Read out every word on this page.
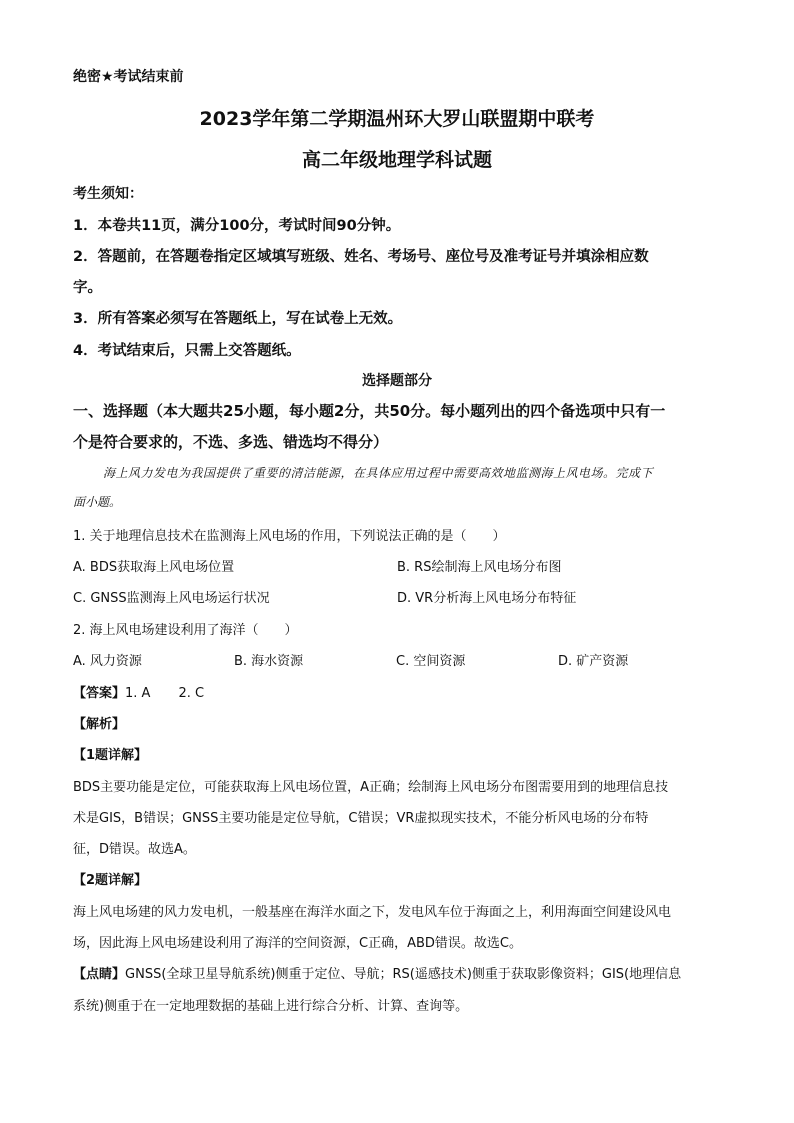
绝密★考试结束前
2023学年第二学期温州环大罗山联盟期中联考
高二年级地理学科试题
考生须知：
1．本卷共11页，满分100分，考试时间90分钟。
2．答题前，在答题卷指定区域填写班级、姓名、考场号、座位号及准考证号并填涂相应数
字。
3．所有答案必须写在答题纸上，写在试卷上无效。
4．考试结束后，只需上交答题纸。
选择题部分
一、选择题（本大题共25小题，每小题2分，共50分。每小题列出的四个备选项中只有一
个是符合要求的，不选、多选、错选均不得分）
海上风力发电为我国提供了重要的清洁能源，在具体应用过程中需要高效地监测海上风电场。完成下
面小题。
1. 关于地理信息技术在监测海上风电场的作用，下列说法正确的是（　　）
A. BDS获取海上风电场位置	B. RS绘制海上风电场分布图
C. GNSS监测海上风电场运行状况	D. VR分析海上风电场分布特征
2. 海上风电场建设利用了海洋（　　）
A. 风力资源	B. 海水资源	C. 空间资源	D. 矿产资源
【答案】1. A 2. C
【解析】
【1题详解】
BDS主要功能是定位，可能获取海上风电场位置，A正确；绘制海上风电场分布图需要用到的地理信息技
术是GIS，B错误；GNSS主要功能是定位导航，C错误；VR虚拟现实技术，不能分析风电场的分布特
征，D错误。故选A。
【2题详解】
海上风电场建的风力发电机，一般基座在海洋水面之下，发电风车位于海面之上，利用海面空间建设风电
场，因此海上风电场建设利用了海洋的空间资源，C正确，ABD错误。故选C。
【点睛】GNSS(全球卫星导航系统)侧重于定位、导航；RS(遥感技术)侧重于获取影像资料；GIS(地理信息
系统)侧重于在一定地理数据的基础上进行综合分析、计算、查询等。
